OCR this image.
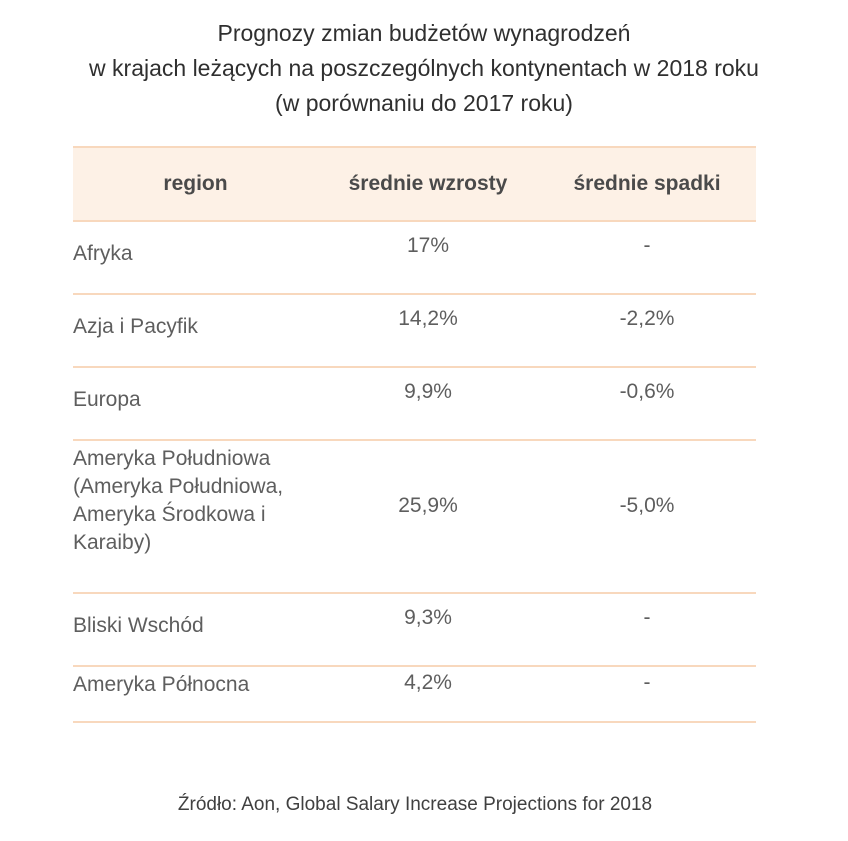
Prognozy zmian budżetów wynagrodzeń
w krajach leżących na poszczególnych kontynentach w 2018 roku
(w porównaniu do 2017 roku)
region	średnie wzrosty	średnie spadki
Afryka	17%	-
Azja i Pacyfik	14,2%	-2,2%
Europa	9,9%	-0,6%
Ameryka Południowa (Ameryka Południowa, Ameryka Środkowa i Karaiby)	25,9%	-5,0%
Bliski Wschód	9,3%	-
Ameryka Północna	4,2%	-
Źródło: Aon, Global Salary Increase Projections for 2018
